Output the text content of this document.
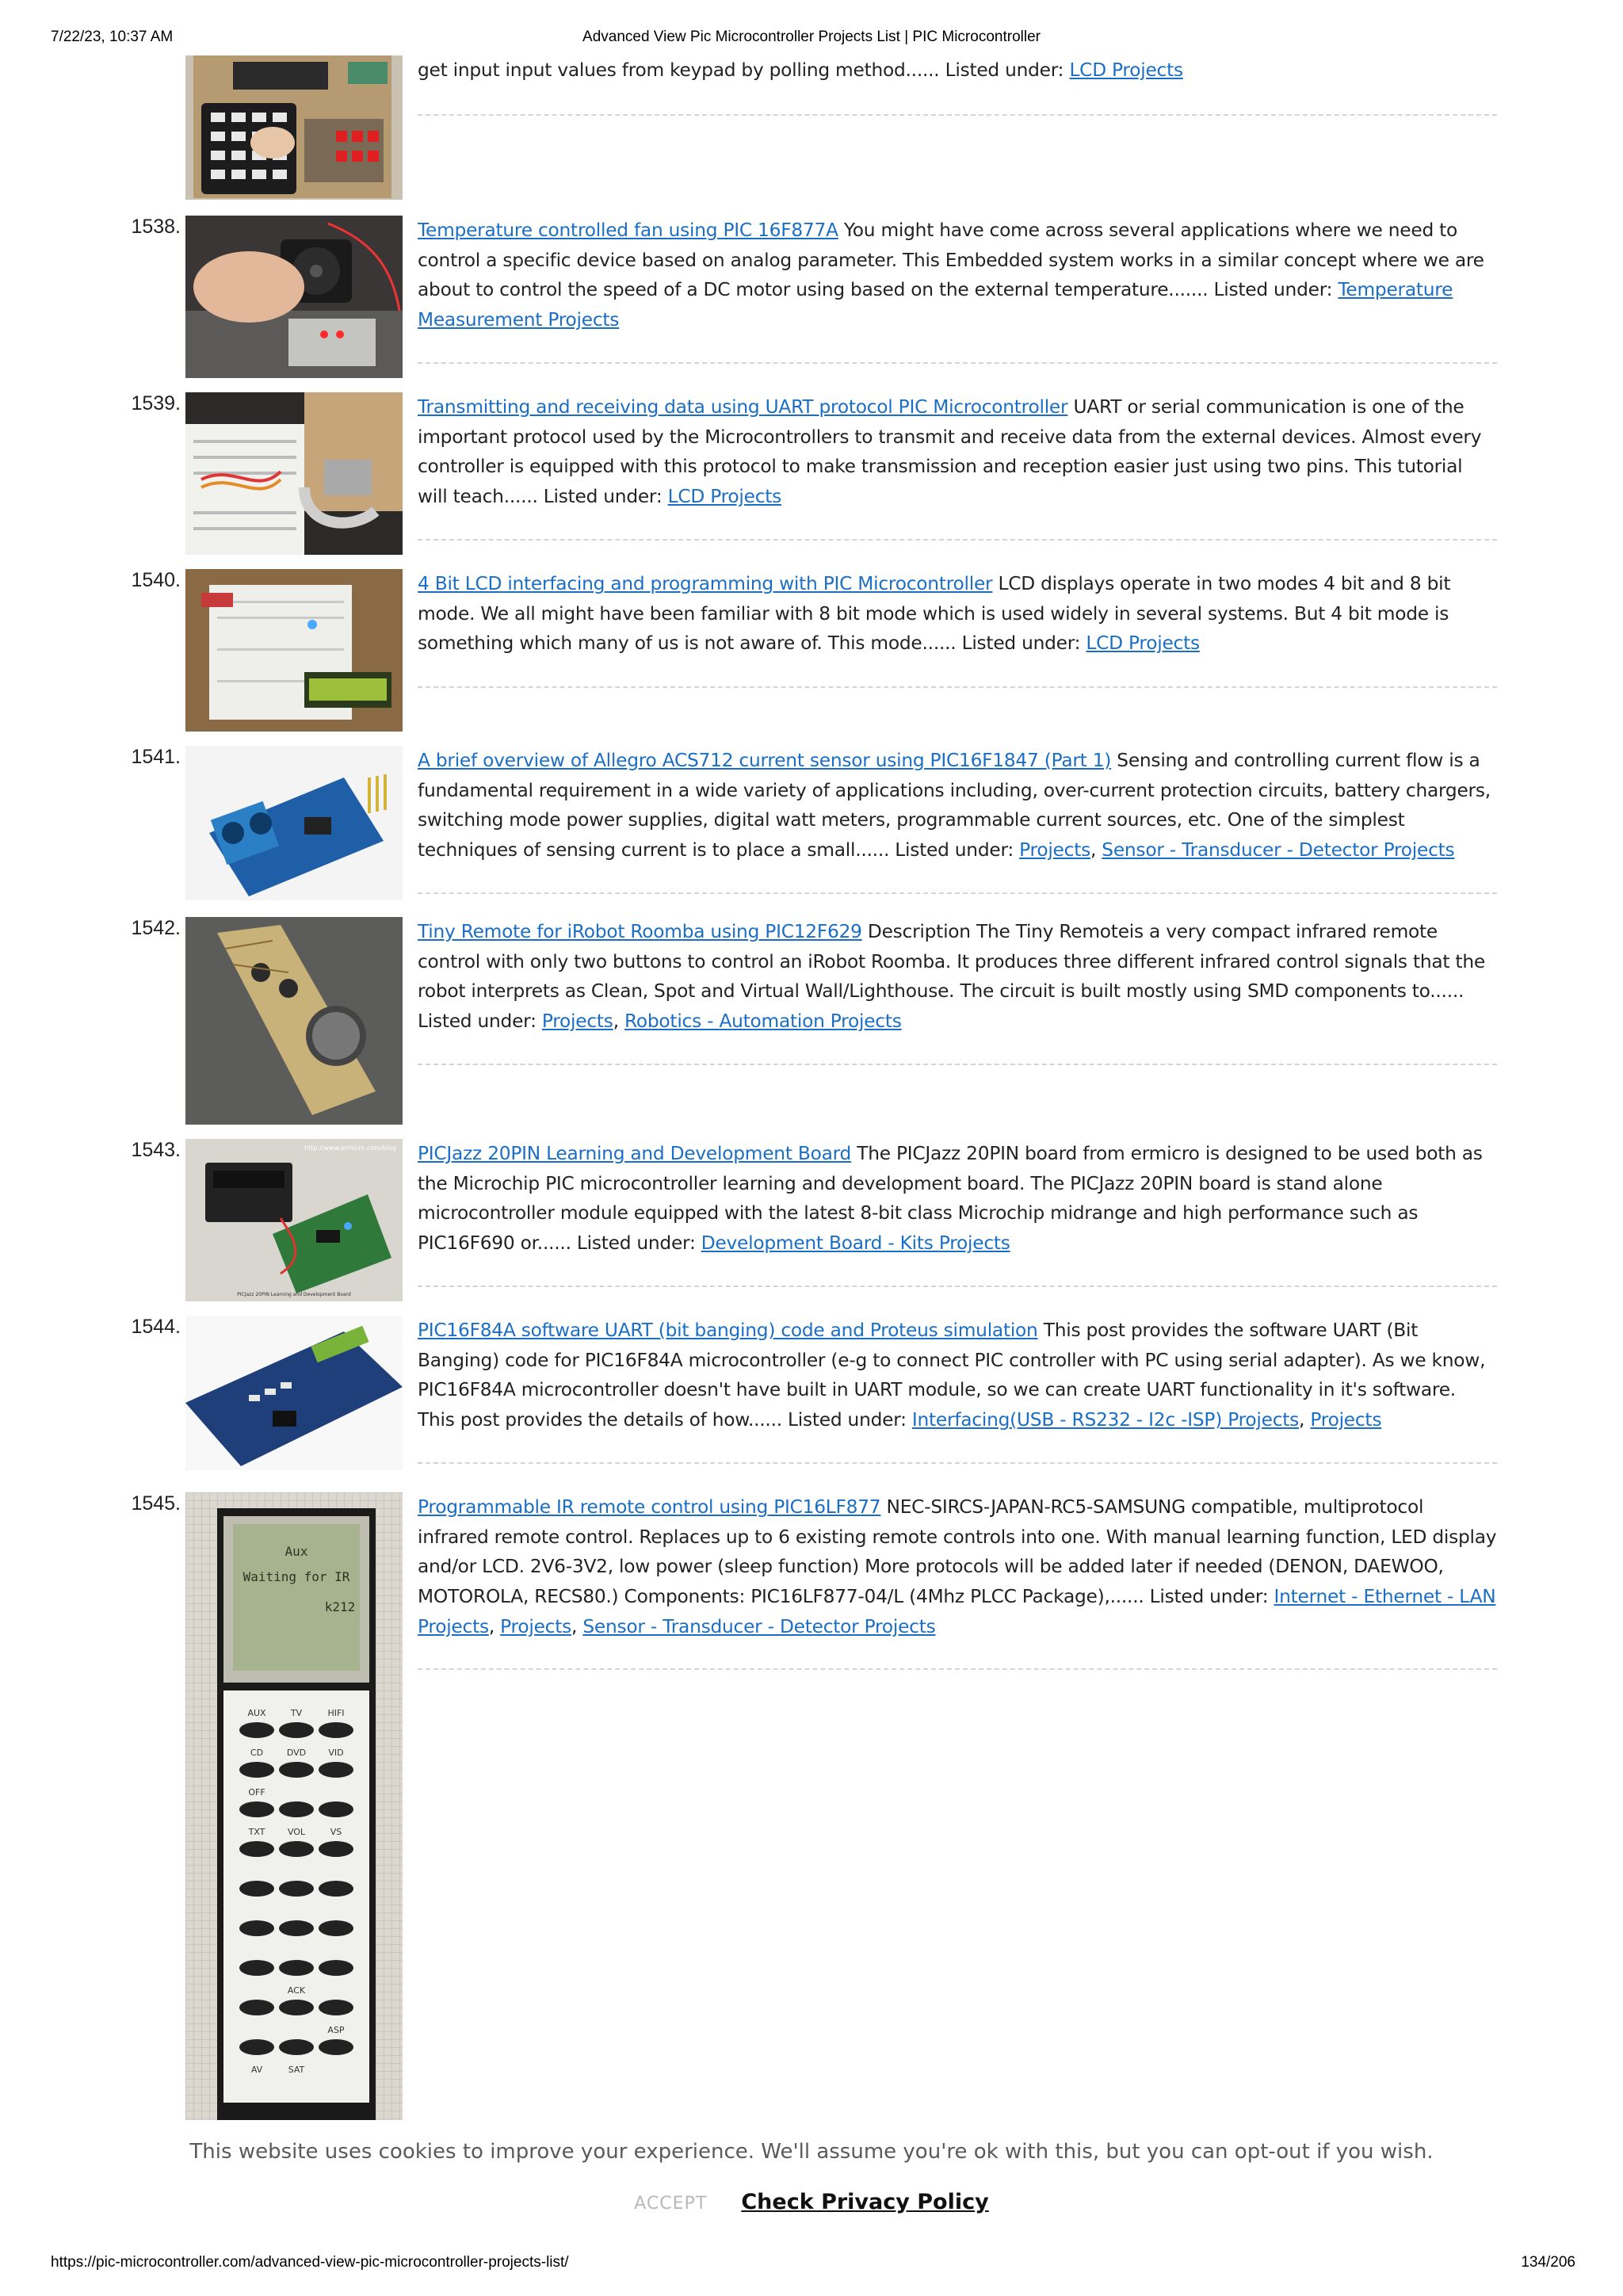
7/22/23, 10:37 AM	Advanced View Pic Microcontroller Projects List | PIC Microcontroller
get input input values from keypad by polling method...... Listed under: LCD Projects
1538.	Temperature controlled fan using PIC 16F877A You might have come across several applications where we need to control a specific device based on analog parameter. This Embedded system works in a similar concept where we are about to control the speed of a DC motor using based on the external temperature....... Listed under: Temperature Measurement Projects
1539.	Transmitting and receiving data using UART protocol PIC Microcontroller UART or serial communication is one of the important protocol used by the Microcontrollers to transmit and receive data from the external devices. Almost every controller is equipped with this protocol to make transmission and reception easier just using two pins. This tutorial will teach...... Listed under: LCD Projects
1540.	4 Bit LCD interfacing and programming with PIC Microcontroller LCD displays operate in two modes 4 bit and 8 bit mode. We all might have been familiar with 8 bit mode which is used widely in several systems. But 4 bit mode is something which many of us is not aware of. This mode...... Listed under: LCD Projects
1541.	A brief overview of Allegro ACS712 current sensor using PIC16F1847 (Part 1) Sensing and controlling current flow is a fundamental requirement in a wide variety of applications including, over-current protection circuits, battery chargers, switching mode power supplies, digital watt meters, programmable current sources, etc. One of the simplest techniques of sensing current is to place a small...... Listed under: Projects, Sensor - Transducer - Detector Projects
1542.	Tiny Remote for iRobot Roomba using PIC12F629 Description The Tiny Remoteis a very compact infrared remote control with only two buttons to control an iRobot Roomba. It produces three different infrared control signals that the robot interprets as Clean, Spot and Virtual Wall/Lighthouse. The circuit is built mostly using SMD components to...... Listed under: Projects, Robotics - Automation Projects
1543.	http://www.ermicro.com/blog
PICJazz 20PIN Learning and Development Board
PICJazz 20PIN Learning and Development Board The PICJazz 20PIN board from ermicro is designed to be used both as the Microchip PIC microcontroller learning and development board. The PICJazz 20PIN board is stand alone microcontroller module equipped with the latest 8-bit class Microchip midrange and high performance such as PIC16F690 or...... Listed under: Development Board - Kits Projects
1544.	PIC16F84A software UART (bit banging) code and Proteus simulation This post provides the software UART (Bit Banging) code for PIC16F84A microcontroller (e-g to connect PIC controller with PC using serial adapter). As we know, PIC16F84A microcontroller doesn't have built in UART module, so we can create UART functionality in it's software. This post provides the details of how...... Listed under: Interfacing(USB - RS232 - I2c -ISP) Projects, Projects
1545.
Aux
Waiting for IR
k212
AUX	TV	HIFI
CD	DVD	VID
OFF
TXT	VOL	VS
AV	SAT
ASP
ACK
Programmable IR remote control using PIC16LF877 NEC-SIRCS-JAPAN-RC5-SAMSUNG compatible, multiprotocol infrared remote control. Replaces up to 6 existing remote controls into one. With manual learning function, LED display and/or LCD. 2V6-3V2, low power (sleep function) More protocols will be added later if needed (DENON, DAEWOO, MOTOROLA, RECS80.) Components: PIC16LF877-04/L (4Mhz PLCC Package),...... Listed under: Internet - Ethernet - LAN Projects, Projects, Sensor - Transducer - Detector Projects
This website uses cookies to improve your experience. We'll assume you're ok with this, but you can opt-out if you wish.
ACCEPT Check Privacy Policy
https://pic-microcontroller.com/advanced-view-pic-microcontroller-projects-list/	134/206
